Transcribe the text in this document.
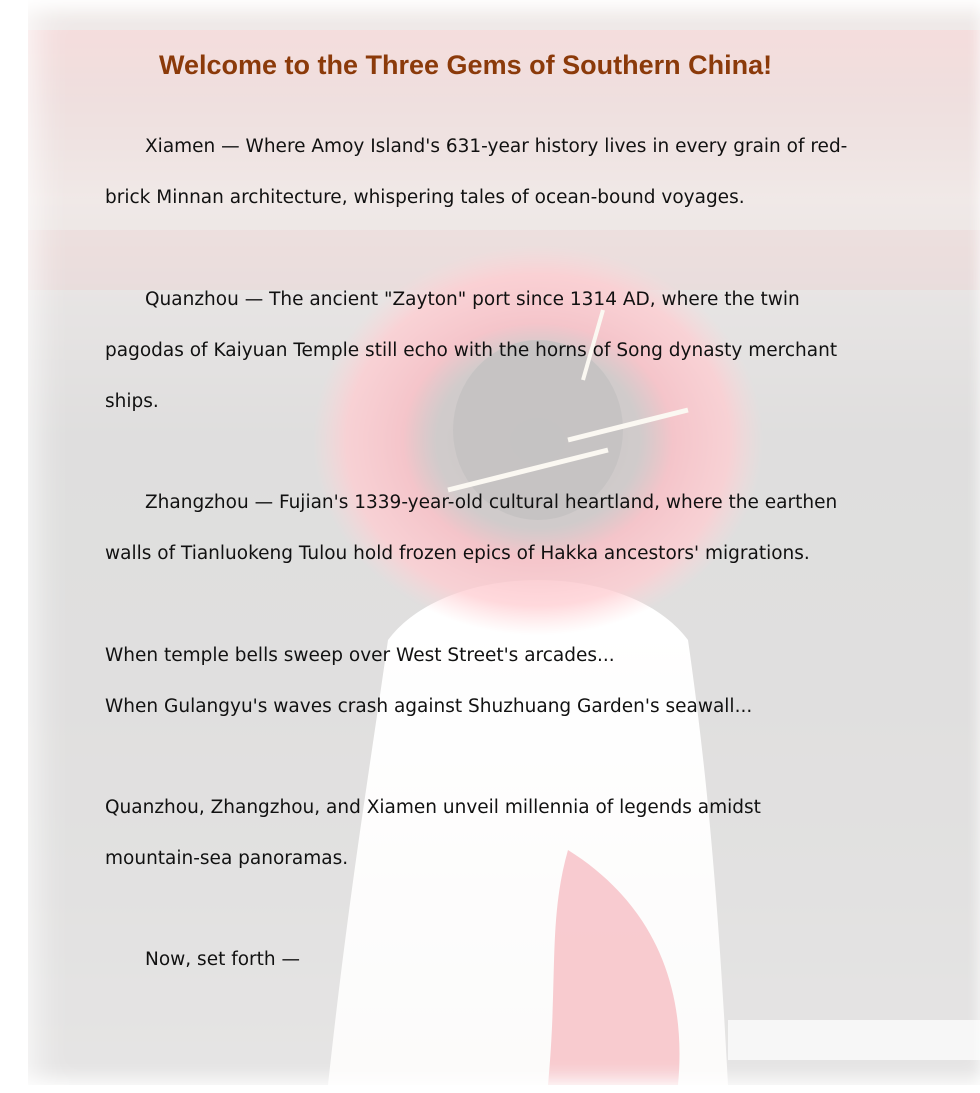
Welcome to the Three Gems of Southern China!

Xiamen — Where Amoy Island's 631-year history lives in every grain of red-brick Minnan architecture, whispering tales of ocean-bound voyages.

Quanzhou — The ancient "Zayton" port since 1314 AD, where the twin pagodas of Kaiyuan Temple still echo with the horns of Song dynasty merchant ships.

Zhangzhou — Fujian's 1339-year-old cultural heartland, where the earthen walls of Tianluokeng Tulou hold frozen epics of Hakka ancestors' migrations.

When temple bells sweep over West Street's arcades...
When Gulangyu's waves crash against Shuzhuang Garden's seawall...

Quanzhou, Zhangzhou, and Xiamen unveil millennia of legends amidst mountain-sea panoramas.

Now, set forth —
